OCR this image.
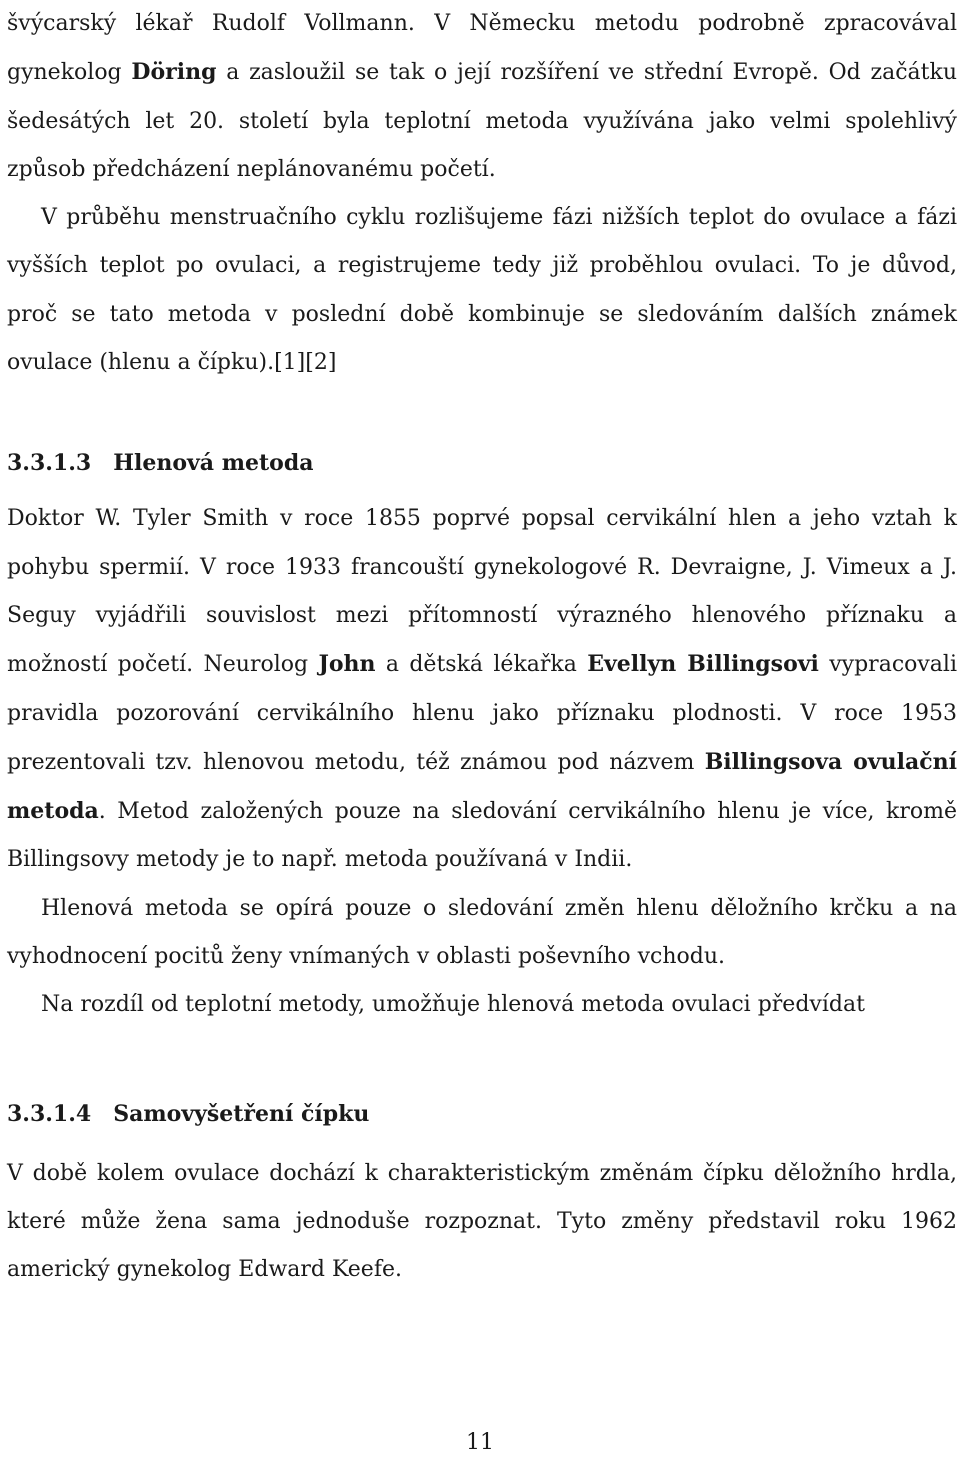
švýcarský lékař Rudolf Vollmann. V Německu metodu podrobně zpracovával gynekolog Döring a zasloužil se tak o její rozšíření ve střední Evropě. Od začátku šedesátých let 20. století byla teplotní metoda využívána jako velmi spolehlivý způsob předcházení neplánovanému početí.

V průběhu menstruačního cyklu rozlišujeme fázi nižších teplot do ovulace a fázi vyšších teplot po ovulaci, a registrujeme tedy již proběhlou ovulaci. To je důvod, proč se tato metoda v poslední době kombinuje se sledováním dalších známek ovulace (hlenu a čípku).[1][2]

3.3.1.3 Hlenová metoda

Doktor W. Tyler Smith v roce 1855 poprvé popsal cervikální hlen a jeho vztah k pohybu spermií. V roce 1933 francouští gynekologové R. Devraigne, J. Vimeux a J. Seguy vyjádřili souvislost mezi přítomností výrazného hlenového příznaku a možností početí. Neurolog John a dětská lékařka Evellyn Billingsovi vypracovali pravidla pozorování cervikálního hlenu jako příznaku plodnosti. V roce 1953 prezentovali tzv. hlenovou metodu, též známou pod názvem Billingsova ovulační metoda. Metod založených pouze na sledování cervikálního hlenu je více, kromě Billingsovy metody je to např. metoda používaná v Indii.

Hlenová metoda se opírá pouze o sledování změn hlenu děložního krčku a na vyhodnocení pocitů ženy vnímaných v oblasti poševního vchodu.

Na rozdíl od teplotní metody, umožňuje hlenová metoda ovulaci předvídat

3.3.1.4 Samovyšetření čípku

V době kolem ovulace dochází k charakteristickým změnám čípku děložního hrdla, které může žena sama jednoduše rozpoznat. Tyto změny představil roku 1962 americký gynekolog Edward Keefe.

11
